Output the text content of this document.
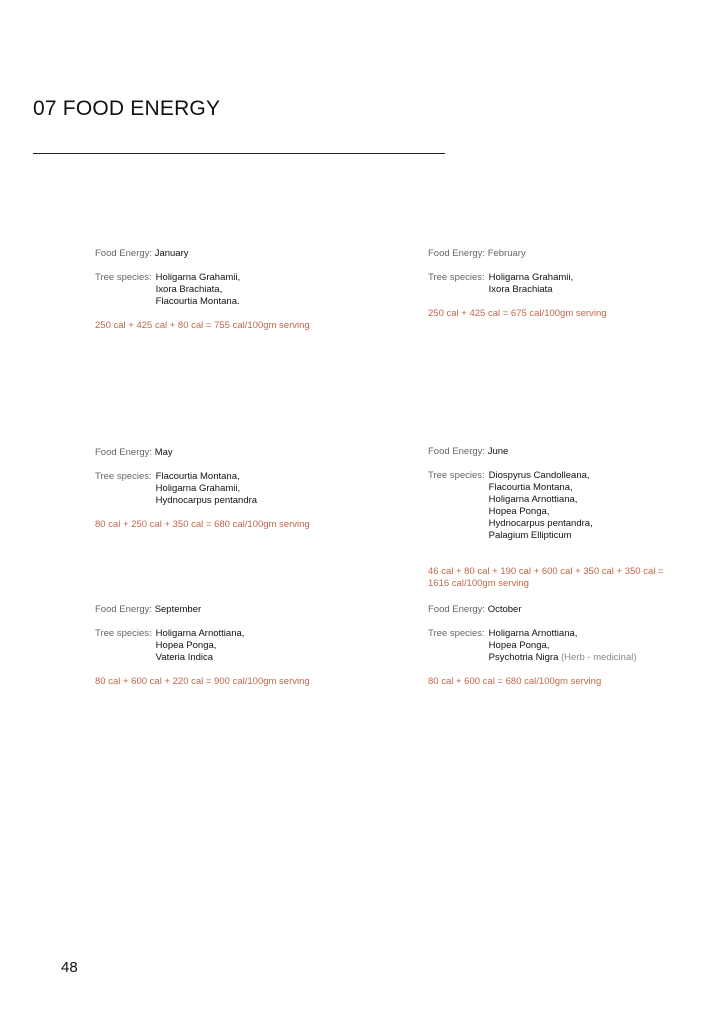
07 FOOD ENERGY
Food Energy: January
Tree species: Holigarna Grahamii,
Ixora Brachiata,
Flacourtia Montana.
250 cal + 425 cal + 80 cal = 755 cal/100gm serving
Food Energy: February
Tree species: Holigarna Grahamii,
Ixora Brachiata
250 cal + 425 cal = 675 cal/100gm serving
Food Energy: May
Tree species: Flacourtia Montana,
Holigarna Grahamii,
Hydnocarpus pentandra
80 cal + 250 cal + 350 cal = 680 cal/100gm serving
Food Energy: June
Tree species: Diospyrus Candolleana,
Flacourtia Montana,
Holigarna Arnottiana,
Hopea Ponga,
Hydnocarpus pentandra,
Palagium Ellipticum
46 cal + 80 cal + 190 cal + 600 cal + 350 cal + 350 cal =
1616 cal/100gm serving
Food Energy: September
Tree species: Holigarna Arnottiana,
Hopea Ponga,
Vateria Indica
80 cal + 600 cal + 220 cal = 900 cal/100gm serving
Food Energy: October
Tree species: Holigarna Arnottiana,
Hopea Ponga,
Psychotria Nigra (Herb - medicinal)
80 cal + 600 cal = 680 cal/100gm serving
48
